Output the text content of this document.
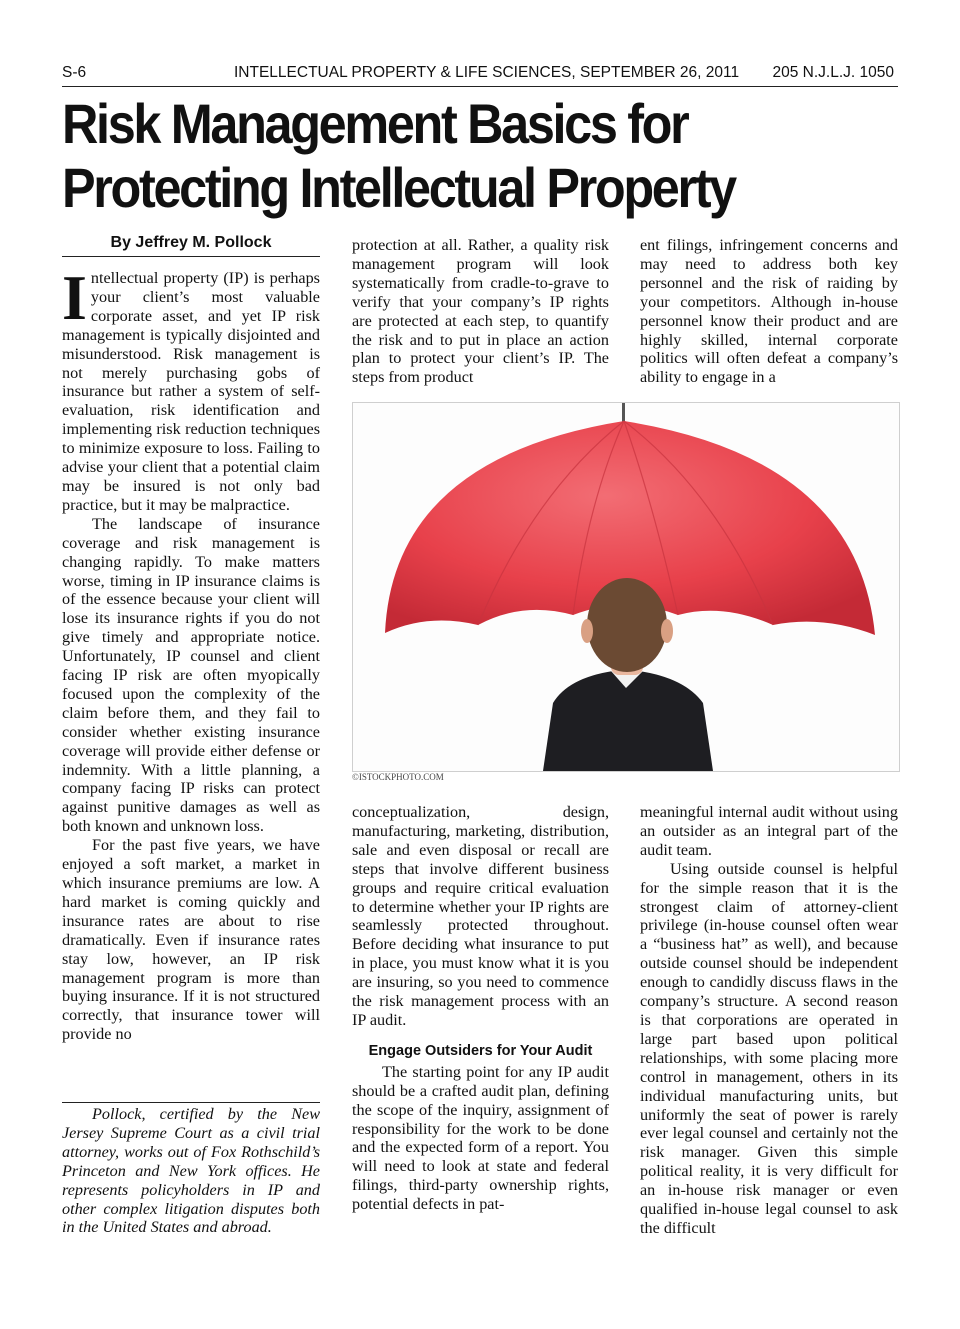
S-6	INTELLECTUAL PROPERTY & LIFE SCIENCES, SEPTEMBER 26, 2011 205 N.J.L.J. 1050
Risk Management Basics for
Protecting Intellectual Property
By Jeffrey M. Pollock

Intellectual property (IP) is perhaps your client’s most valuable corporate asset, and yet IP risk management is typically disjointed and misunderstood. Risk management is not merely purchasing gobs of insurance but rather a system of self-evaluation, risk identification and implementing risk reduction techniques to minimize exposure to loss. Failing to advise your client that a potential claim may be insured is not only bad practice, but it may be malpractice.

The landscape of insurance coverage and risk management is changing rapidly. To make matters worse, timing in IP insurance claims is of the essence because your client will lose its insurance rights if you do not give timely and appropriate notice. Unfortunately, IP counsel and client facing IP risk are often myopically focused upon the complexity of the claim before them, and they fail to consider whether existing insurance coverage will provide either defense or indemnity. With a little planning, a company facing IP risks can protect against punitive damages as well as both known and unknown loss.

For the past five years, we have enjoyed a soft market, a market in which insurance premiums are low. A hard market is coming quickly and insurance rates are about to rise dramatically. Even if insurance rates stay low, however, an IP risk management program is more than buying insurance. If it is not structured correctly, that insurance tower will provide no

Pollock, certified by the New Jersey Supreme Court as a civil trial attorney, works out of Fox Rothschild’s Princeton and New York offices. He represents policyholders in IP and other complex litigation disputes both in the United States and abroad.

protection at all. Rather, a quality risk management program will look systematically from cradle-to-grave to verify that your company’s IP rights are protected at each step, to quantify the risk and to put in place an action plan to protect your client’s IP. The steps from product

ent filings, infringement concerns and may need to address both key personnel and the risk of raiding by your competitors. Although in-house personnel know their product and are highly skilled, internal corporate politics will often defeat a company’s ability to engage in a

©ISTOCKPHOTO.COM

conceptualization, design, manufacturing, marketing, distribution, sale and even disposal or recall are steps that involve different business groups and require critical evaluation to determine whether your IP rights are seamlessly protected throughout. Before deciding what insurance to put in place, you must know what it is you are insuring, so you need to commence the risk management process with an IP audit.

Engage Outsiders for Your Audit

The starting point for any IP audit should be a crafted audit plan, defining the scope of the inquiry, assignment of responsibility for the work to be done and the expected form of a report. You will need to look at state and federal filings, third-party ownership rights, potential defects in pat-

meaningful internal audit without using an outsider as an integral part of the audit team.

Using outside counsel is helpful for the simple reason that it is the strongest claim of attorney-client privilege (in-house counsel often wear a “business hat” as well), and because outside counsel should be independent enough to candidly discuss flaws in the company’s structure. A second reason is that corporations are operated in large part based upon political relationships, with some placing more control in management, others in its individual manufacturing units, but uniformly the seat of power is rarely ever legal counsel and certainly not the risk manager. Given this simple political reality, it is very difficult for an in-house risk manager or even qualified in-house legal counsel to ask the difficult
